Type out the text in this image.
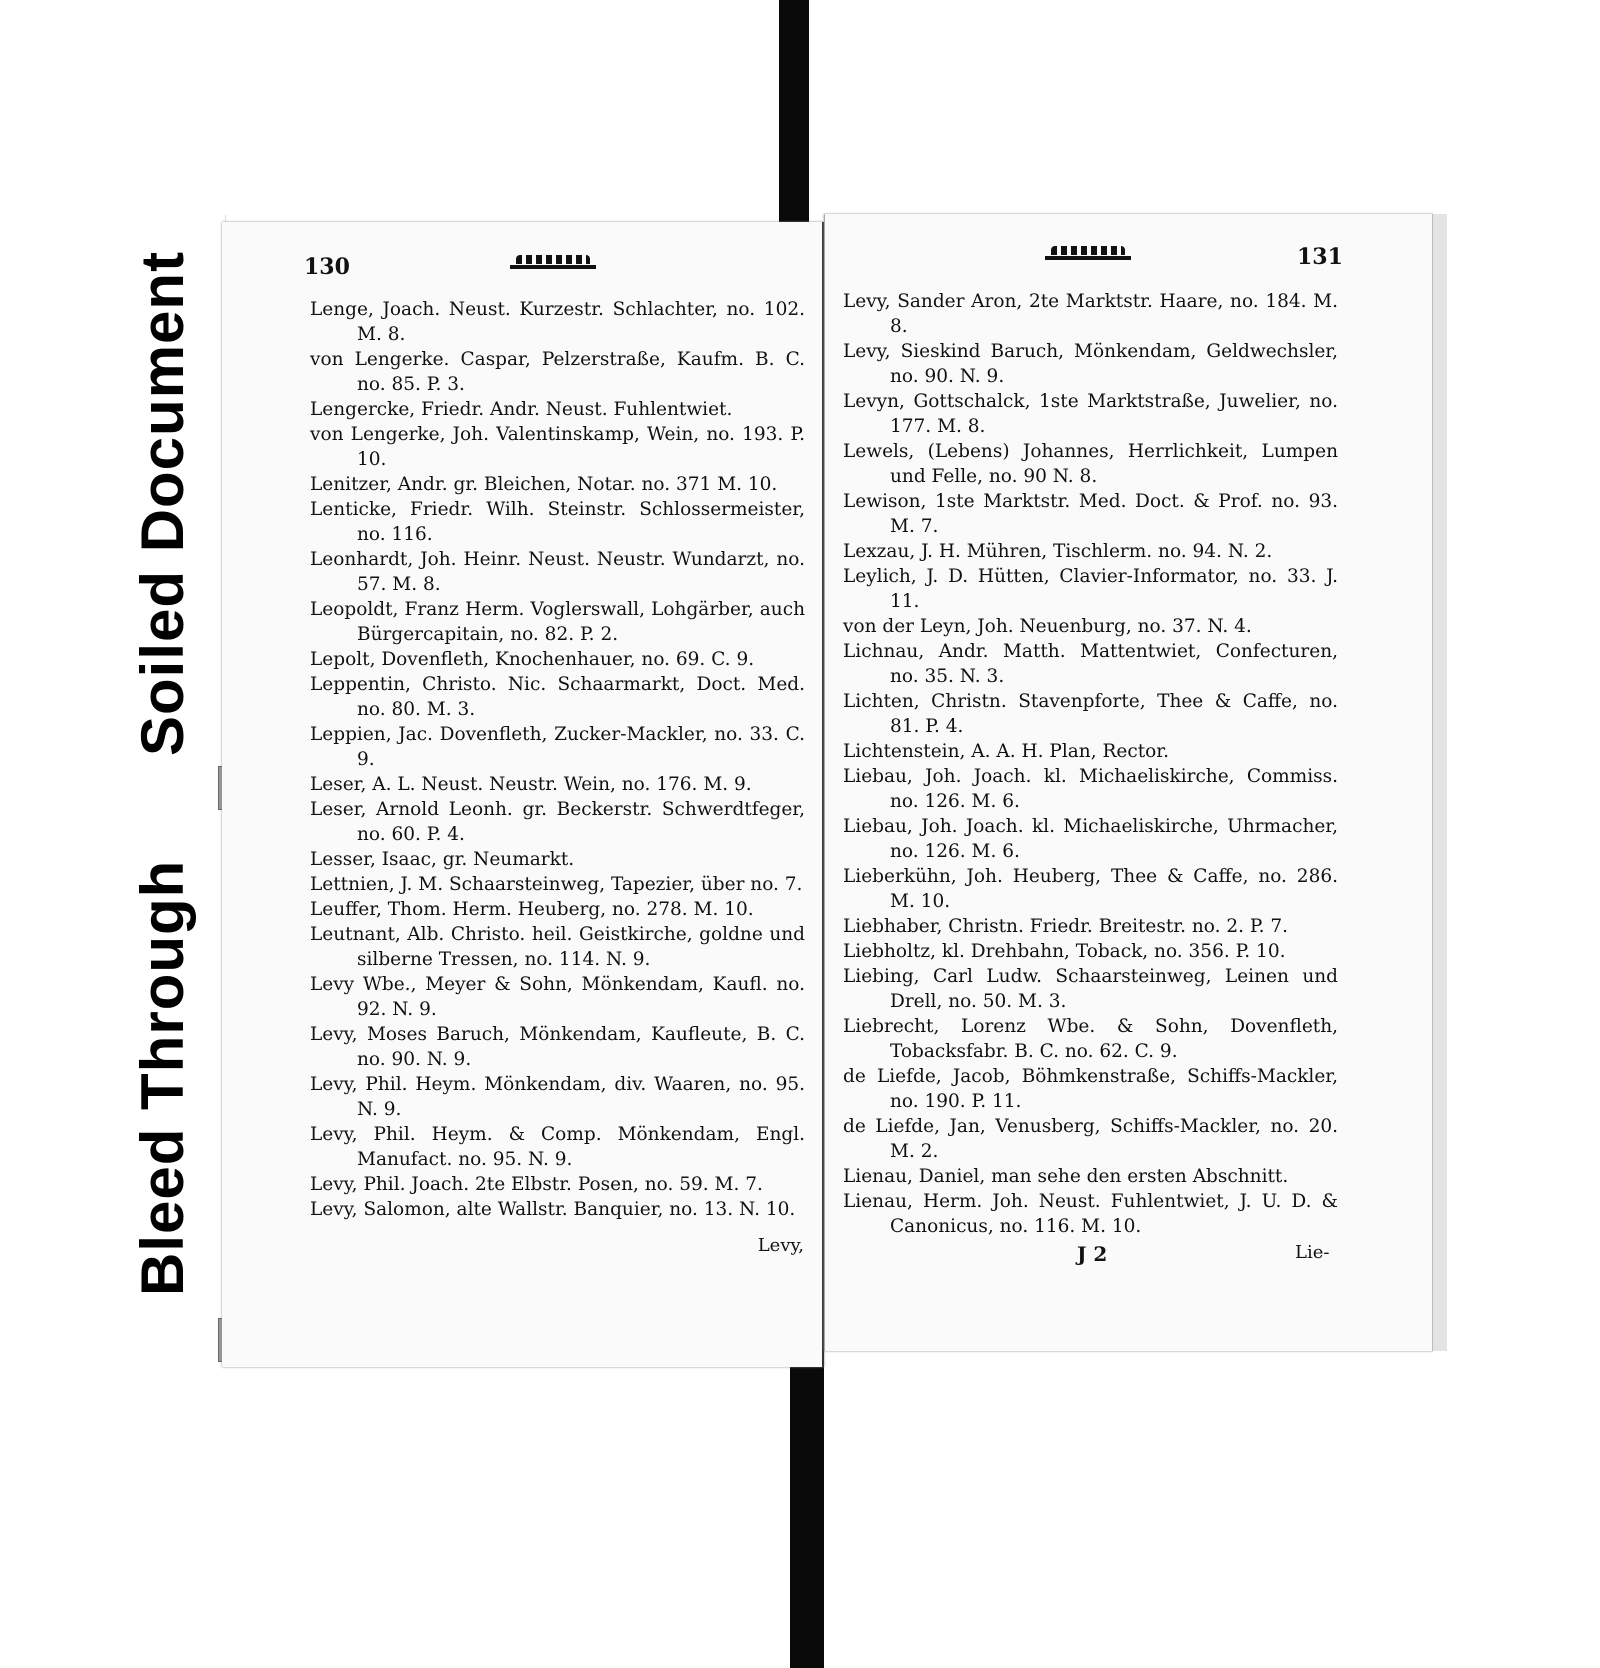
Soiled Document
Bleed Through
130
Lenge, Joach. Neust. Kurzestr. Schlachter, no. 102. M. 8.
von Lengerke. Caspar, Pelzerstraße, Kaufm. B. C. no. 85. P. 3.
Lengercke, Friedr. Andr. Neust. Fuhlentwiet.
von Lengerke, Joh. Valentinskamp, Wein, no. 193. P. 10.
Lenitzer, Andr. gr. Bleichen, Notar. no. 371 M. 10.
Lenticke, Friedr. Wilh. Steinstr. Schlossermeister, no. 116.
Leonhardt, Joh. Heinr. Neust. Neustr. Wundarzt, no. 57. M. 8.
Leopoldt, Franz Herm. Voglerswall, Lohgärber, auch Bürgercapitain, no. 82. P. 2.
Lepolt, Dovenfleth, Knochenhauer, no. 69. C. 9.
Leppentin, Christo. Nic. Schaarmarkt, Doct. Med. no. 80. M. 3.
Leppien, Jac. Dovenfleth, Zucker-Mackler, no. 33. C. 9.
Leser, A. L. Neust. Neustr. Wein, no. 176. M. 9.
Leser, Arnold Leonh. gr. Beckerstr. Schwerdtfeger, no. 60. P. 4.
Lesser, Isaac, gr. Neumarkt.
Lettnien, J. M. Schaarsteinweg, Tapezier, über no. 7.
Leuffer, Thom. Herm. Heuberg, no. 278. M. 10.
Leutnant, Alb. Christo. heil. Geistkirche, goldne und silberne Tressen, no. 114. N. 9.
Levy Wbe., Meyer & Sohn, Mönkendam, Kaufl. no. 92. N. 9.
Levy, Moses Baruch, Mönkendam, Kaufleute, B. C. no. 90. N. 9.
Levy, Phil. Heym. Mönkendam, div. Waaren, no. 95. N. 9.
Levy, Phil. Heym. & Comp. Mönkendam, Engl. Manufact. no. 95. N. 9.
Levy, Phil. Joach. 2te Elbstr. Posen, no. 59. M. 7.
Levy, Salomon, alte Wallstr. Banquier, no. 13. N. 10.
Levy,
131
Levy, Sander Aron, 2te Marktstr. Haare, no. 184. M. 8.
Levy, Sieskind Baruch, Mönkendam, Geldwechsler, no. 90. N. 9.
Levyn, Gottschalck, 1ste Marktstraße, Juwelier, no. 177. M. 8.
Lewels, (Lebens) Johannes, Herrlichkeit, Lumpen und Felle, no. 90 N. 8.
Lewison, 1ste Marktstr. Med. Doct. & Prof. no. 93. M. 7.
Lexzau, J. H. Mühren, Tischlerm. no. 94. N. 2.
Leylich, J. D. Hütten, Clavier-Informator, no. 33. J. 11.
von der Leyn, Joh. Neuenburg, no. 37. N. 4.
Lichnau, Andr. Matth. Mattentwiet, Confecturen, no. 35. N. 3.
Lichten, Christn. Stavenpforte, Thee & Caffe, no. 81. P. 4.
Lichtenstein, A. A. H. Plan, Rector.
Liebau, Joh. Joach. kl. Michaeliskirche, Commiss. no. 126. M. 6.
Liebau, Joh. Joach. kl. Michaeliskirche, Uhrmacher, no. 126. M. 6.
Lieberkühn, Joh. Heuberg, Thee & Caffe, no. 286. M. 10.
Liebhaber, Christn. Friedr. Breitestr. no. 2. P. 7.
Liebholtz, kl. Drehbahn, Toback, no. 356. P. 10.
Liebing, Carl Ludw. Schaarsteinweg, Leinen und Drell, no. 50. M. 3.
Liebrecht, Lorenz Wbe. & Sohn, Dovenfleth, Tobacksfabr. B. C. no. 62. C. 9.
de Liefde, Jacob, Böhmkenstraße, Schiffs-Mackler, no. 190. P. 11.
de Liefde, Jan, Venusberg, Schiffs-Mackler, no. 20. M. 2.
Lienau, Daniel, man sehe den ersten Abschnitt.
Lienau, Herm. Joh. Neust. Fuhlentwiet, J. U. D. & Canonicus, no. 116. M. 10.
J 2	Lie-
